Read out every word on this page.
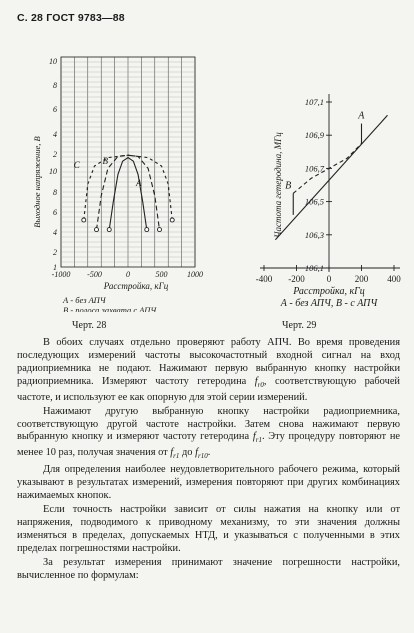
С. 28 ГОСТ 9783—88
10
8
6
4
2
10
8
6
4
2
1
-1000 -500	0	500 1000
Расстройка, кГц
Выходное напряжение, В	А
В
С
А - без АПЧ
В - полоса захвата с АПЧ
Черт. 28
107,1
106,9
106,7
106,5
106,3
106,1
-400 -200 0	200 400
Расстройка, кГц
Частота гетеродина, МГц
А
В
А - без АПЧ, В - с АПЧ
Черт. 29

В обоих случаях отдельно проверяют работу АПЧ. Во время проведения последующих измерений частоты высокочастотный входной сигнал на вход радиоприемника не подают. Нажимают первую выбранную кнопку настройки радиоприемника. Измеряют частоту гетеродина $f_{r0}$, соответствующую рабочей частоте, и используют ее как опорную для этой серии измерений.

Нажимают другую выбранную кнопку настройки радиоприемника, соответствующую другой частоте настройки. Затем снова нажимают первую выбранную кнопку и измеряют частоту гетеродина $f_{r1}$. Эту процедуру повторяют не менее 10 раз, получая значения от $f_{r1}$ до $f_{r10}$.

Для определения наиболее неудовлетворительного рабочего режима, который указывают в результатах измерений, измерения повторяют при других комбинациях нажимаемых кнопок.

Если точность настройки зависит от силы нажатия на кнопку или от напряжения, подводимого к приводному механизму, то эти значения должны изменяться в пределах, допускаемых НТД, и указываться с полученными в этих пределах погрешностями настройки.

За результат измерения принимают значение погрешности настройки, вычисленное по формулам:
